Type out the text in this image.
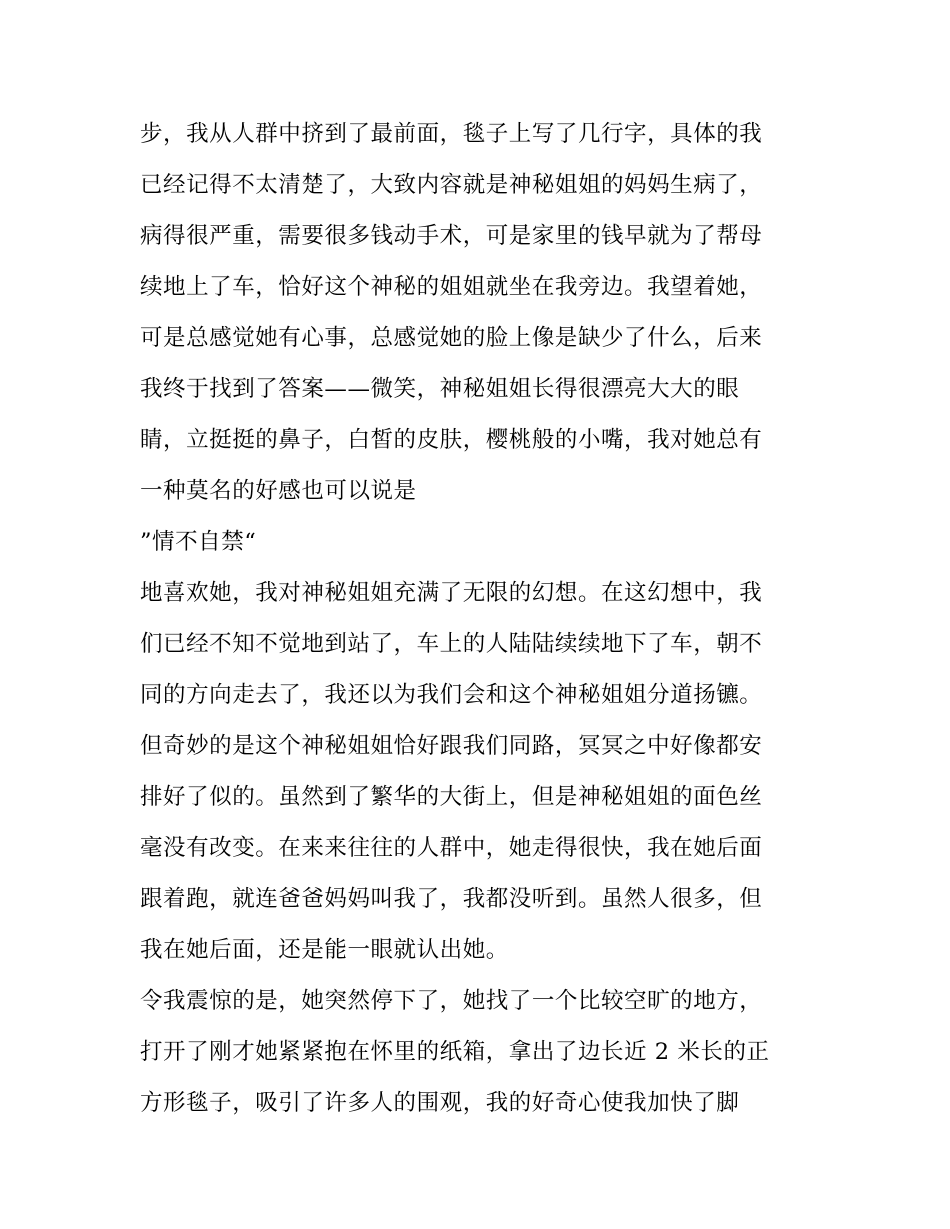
步，我从人群中挤到了最前面，毯子上写了几行字，具体的我
已经记得不太清楚了，大致内容就是神秘姐姐的妈妈生病了，
病得很严重，需要很多钱动手术，可是家里的钱早就为了帮母
续地上了车，恰好这个神秘的姐姐就坐在我旁边。我望着她，
可是总感觉她有心事，总感觉她的脸上像是缺少了什么，后来
我终于找到了答案——微笑，神秘姐姐长得很漂亮大大的眼
睛，立挺挺的鼻子，白皙的皮肤，樱桃般的小嘴，我对她总有
一种莫名的好感也可以说是
”情不自禁“
地喜欢她，我对神秘姐姐充满了无限的幻想。在这幻想中，我
们已经不知不觉地到站了，车上的人陆陆续续地下了车，朝不
同的方向走去了，我还以为我们会和这个神秘姐姐分道扬镳。
但奇妙的是这个神秘姐姐恰好跟我们同路，冥冥之中好像都安
排好了似的。虽然到了繁华的大街上，但是神秘姐姐的面色丝
毫没有改变。在来来往往的人群中，她走得很快，我在她后面
跟着跑，就连爸爸妈妈叫我了，我都没听到。虽然人很多，但
我在她后面，还是能一眼就认出她。
令我震惊的是，她突然停下了，她找了一个比较空旷的地方，
打开了刚才她紧紧抱在怀里的纸箱，拿出了边长近 2 米长的正
方形毯子，吸引了许多人的围观，我的好奇心使我加快了脚
